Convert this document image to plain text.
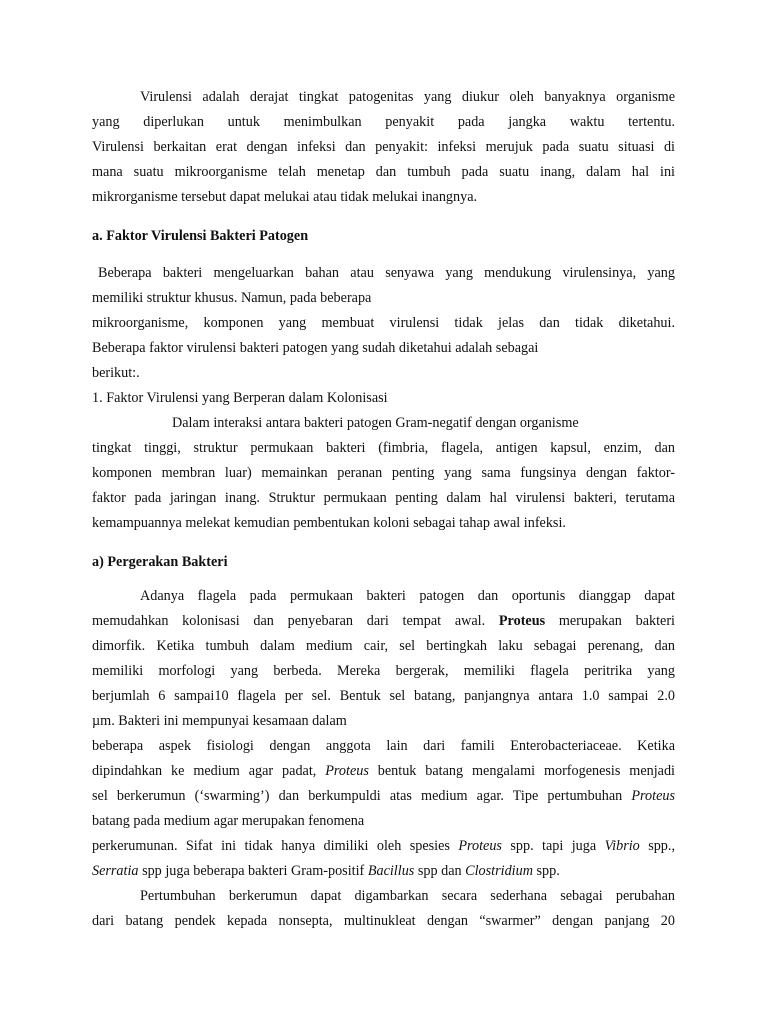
Virulensi adalah derajat tingkat patogenitas yang diukur oleh banyaknya organisme
yang diperlukan untuk menimbulkan penyakit pada jangka waktu tertentu.
Virulensi berkaitan erat dengan infeksi dan penyakit: infeksi merujuk pada suatu situasi di
mana suatu mikroorganisme telah menetap dan tumbuh pada suatu inang, dalam hal ini
mikrorganisme tersebut dapat melukai atau tidak melukai inangnya.
a. Faktor Virulensi Bakteri Patogen
Beberapa bakteri mengeluarkan bahan atau senyawa yang mendukung virulensinya, yang
memiliki struktur khusus. Namun, pada beberapa
mikroorganisme, komponen yang membuat virulensi tidak jelas dan tidak diketahui.
Beberapa faktor virulensi bakteri patogen yang sudah diketahui adalah sebagai
berikut:.
1. Faktor Virulensi yang Berperan dalam Kolonisasi
Dalam interaksi antara bakteri patogen Gram-negatif dengan organisme
tingkat tinggi, struktur permukaan bakteri (fimbria, flagela, antigen kapsul, enzim, dan
komponen membran luar) memainkan peranan penting yang sama fungsinya dengan faktor-
faktor pada jaringan inang. Struktur permukaan penting dalam hal virulensi bakteri, terutama
kemampuannya melekat kemudian pembentukan koloni sebagai tahap awal infeksi.
a) Pergerakan Bakteri
Adanya flagela pada permukaan bakteri patogen dan oportunis dianggap dapat
memudahkan kolonisasi dan penyebaran dari tempat awal. Proteus merupakan bakteri
dimorfik. Ketika tumbuh dalam medium cair, sel bertingkah laku sebagai perenang, dan
memiliki morfologi yang berbeda. Mereka bergerak, memiliki flagela peritrika yang
berjumlah 6 sampai10 flagela per sel. Bentuk sel batang, panjangnya antara 1.0 sampai 2.0
µm. Bakteri ini mempunyai kesamaan dalam
beberapa aspek fisiologi dengan anggota lain dari famili Enterobacteriaceae. Ketika
dipindahkan ke medium agar padat, Proteus bentuk batang mengalami morfogenesis menjadi
sel berkerumun (‘swarming’) dan berkumpuldi atas medium agar. Tipe pertumbuhan Proteus
batang pada medium agar merupakan fenomena
perkerumunan. Sifat ini tidak hanya dimiliki oleh spesies Proteus spp. tapi juga Vibrio spp.,
Serratia spp juga beberapa bakteri Gram-positif Bacillus spp dan Clostridium spp.
Pertumbuhan berkerumun dapat digambarkan secara sederhana sebagai perubahan
dari batang pendek kepada nonsepta, multinukleat dengan “swarmer” dengan panjang 20
